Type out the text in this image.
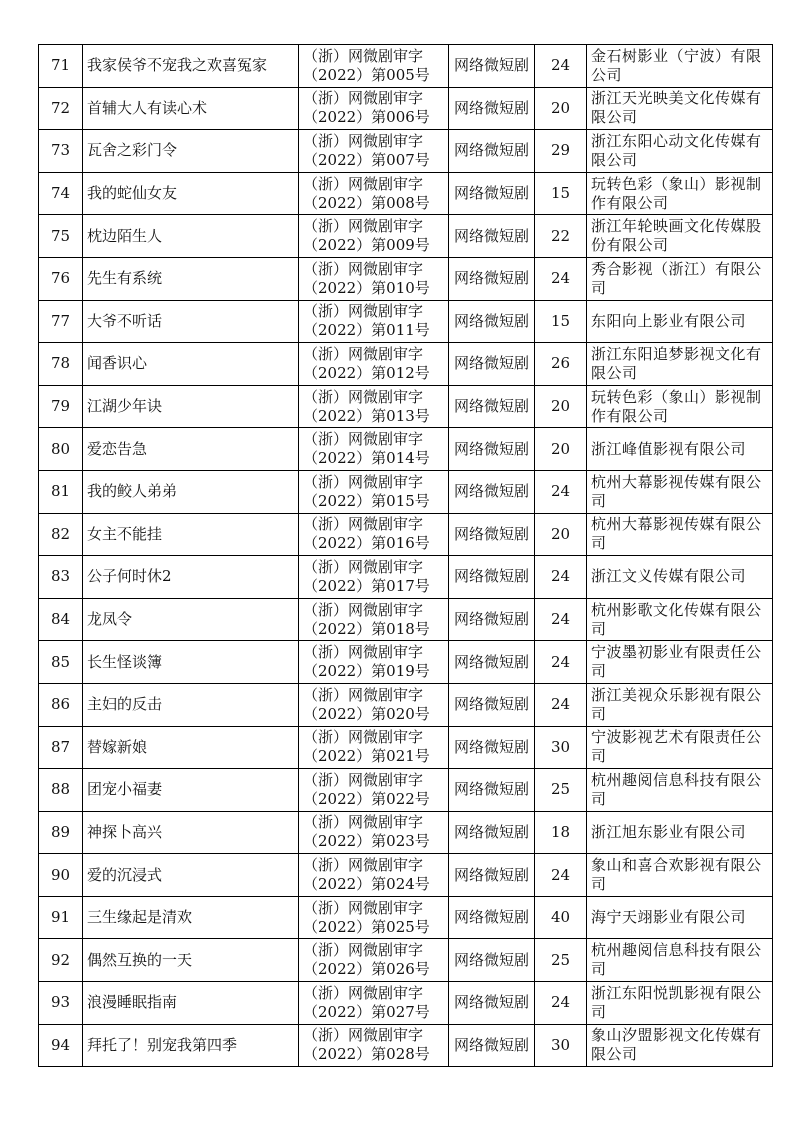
71	我家侯爷不宠我之欢喜冤家	（浙）网微剧审字
（2022）第005号	网络微短剧	24	金石树影业（宁波）有限公司
72	首辅大人有读心术	（浙）网微剧审字
（2022）第006号	网络微短剧	20	浙江天光映美文化传媒有限公司
73	瓦舍之彩门令	（浙）网微剧审字
（2022）第007号	网络微短剧	29	浙江东阳心动文化传媒有限公司
74	我的蛇仙女友	（浙）网微剧审字
（2022）第008号	网络微短剧	15	玩转色彩（象山）影视制作有限公司
75	枕边陌生人	（浙）网微剧审字
（2022）第009号	网络微短剧	22	浙江年轮映画文化传媒股份有限公司
76	先生有系统	（浙）网微剧审字
（2022）第010号	网络微短剧	24	秀合影视（浙江）有限公司
77	大爷不听话	（浙）网微剧审字
（2022）第011号	网络微短剧	15	东阳向上影业有限公司
78	闻香识心	（浙）网微剧审字
（2022）第012号	网络微短剧	26	浙江东阳追梦影视文化有限公司
79	江湖少年诀	（浙）网微剧审字
（2022）第013号	网络微短剧	20	玩转色彩（象山）影视制作有限公司
80	爱恋告急	（浙）网微剧审字
（2022）第014号	网络微短剧	20	浙江峰值影视有限公司
81	我的鲛人弟弟	（浙）网微剧审字
（2022）第015号	网络微短剧	24	杭州大幕影视传媒有限公司
82	女主不能挂	（浙）网微剧审字
（2022）第016号	网络微短剧	20	杭州大幕影视传媒有限公司
83	公子何时休2	（浙）网微剧审字
（2022）第017号	网络微短剧	24	浙江文义传媒有限公司
84	龙凤令	（浙）网微剧审字
（2022）第018号	网络微短剧	24	杭州影歌文化传媒有限公司
85	长生怪谈簿	（浙）网微剧审字
（2022）第019号	网络微短剧	24	宁波墨初影业有限责任公司
86	主妇的反击	（浙）网微剧审字
（2022）第020号	网络微短剧	24	浙江美视众乐影视有限公司
87	替嫁新娘	（浙）网微剧审字
（2022）第021号	网络微短剧	30	宁波影视艺术有限责任公司
88	团宠小福妻	（浙）网微剧审字
（2022）第022号	网络微短剧	25	杭州趣阅信息科技有限公司
89	神探卜高兴	（浙）网微剧审字
（2022）第023号	网络微短剧	18	浙江旭东影业有限公司
90	爱的沉浸式	（浙）网微剧审字
（2022）第024号	网络微短剧	24	象山和喜合欢影视有限公司
91	三生缘起是清欢	（浙）网微剧审字
（2022）第025号	网络微短剧	40	海宁天翊影业有限公司
92	偶然互换的一天	（浙）网微剧审字
（2022）第026号	网络微短剧	25	杭州趣阅信息科技有限公司
93	浪漫睡眠指南	（浙）网微剧审字
（2022）第027号	网络微短剧	24	浙江东阳悦凯影视有限公司
94	拜托了！别宠我第四季	（浙）网微剧审字
（2022）第028号	网络微短剧	30	象山汐盟影视文化传媒有限公司
